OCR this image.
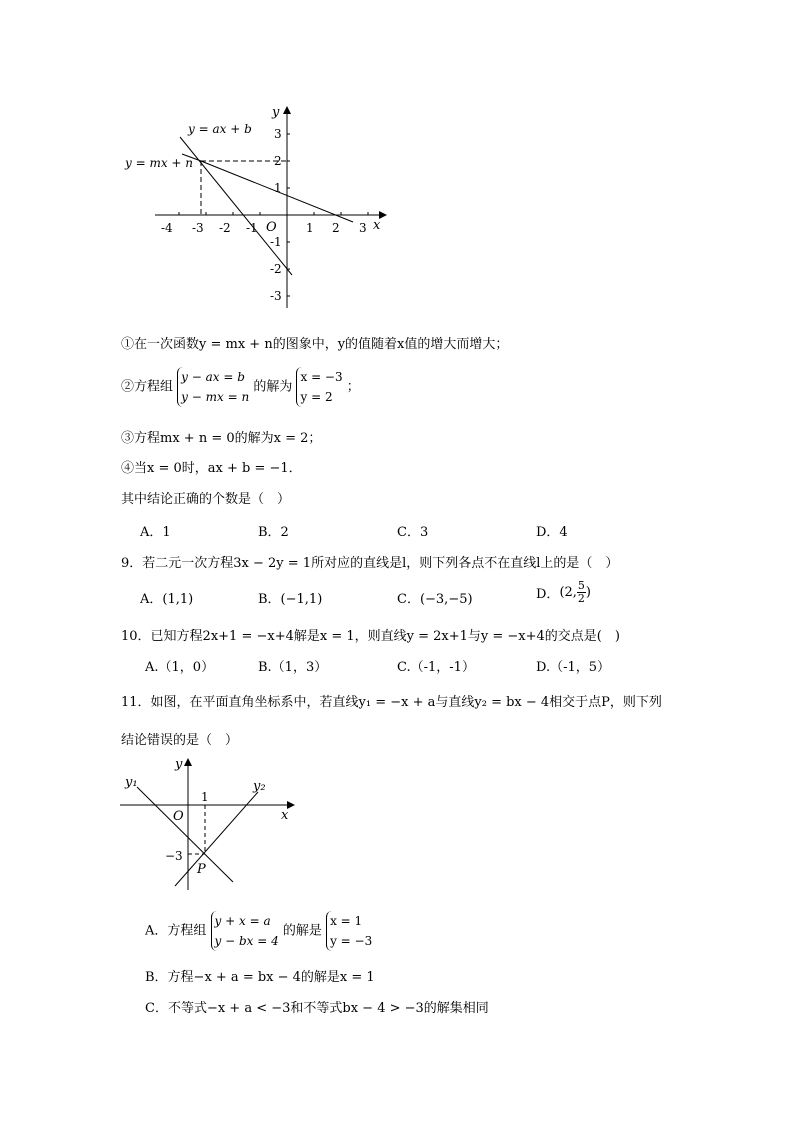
y
x
O
y = ax + b
y = mx + n
-4 -3 -2 -1	1 2 3
3
2
1
-1
-2
-3
①在一次函数y = mx + n的图象中，y的值随着x值的增大而增大；
②方程组
y − ax = b
y − mx = n
的解为
x = −3
y = 2
；
③方程mx + n = 0的解为x = 2；
④当x = 0时，ax + b = −1．
其中结论正确的个数是（　）
A．1	B．2	C．3	D．4
9．若二元一次方程3x − 2y = 1所对应的直线是l，则下列各点不在直线l上的是（　）
A．(1,1)	B．(−1,1)	C．(−3,−5)	D．(2, $\frac{5}{2}$ )
10．已知方程2x+1 = −x+4解是x = 1，则直线y = 2x+1与y = −x+4的交点是(　)
A.（1，0）	B.（1，3）	C.（-1，-1）	D.（-1，5）
11．如图，在平面直角坐标系中，若直线y₁ = −x + a与直线y₂ = bx − 4相交于点P，则下列
结论错误的是（　）
y
x
O
y₁	y₂
1
−3
P
A．方程组
y + x = a
y − bx = 4
的解是
x = 1
y = −3
B．方程−x + a = bx − 4的解是x = 1
C．不等式−x + a < −3和不等式bx − 4 > −3的解集相同
